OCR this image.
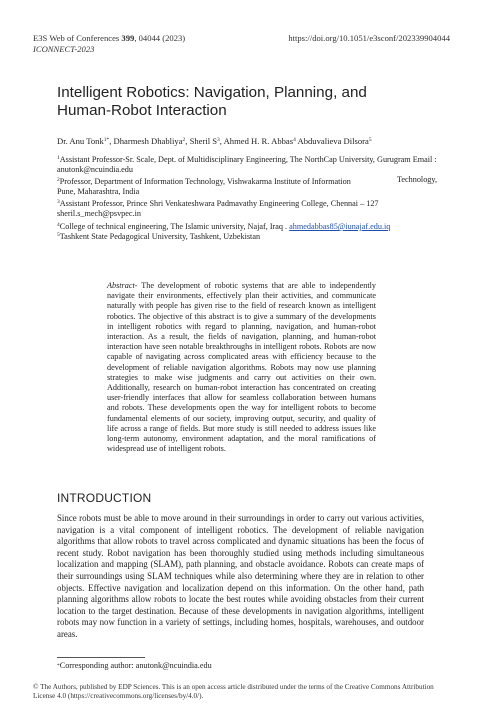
E3S Web of Conferences 399, 04044 (2023)	https://doi.org/10.1051/e3sconf/202339904044
ICONNECT-2023
Intelligent Robotics: Navigation, Planning, and Human-Robot Interaction
Dr. Anu Tonk$^{1*}$, Dharmesh Dhabliya$^2$, Sheril $S^3$, Ahmed H. R. Abbas$^4$ Abduvalieva Dilsora$^5$
$^1$Assistant Professor-Sr. Scale, Dept. of Multidisciplinary Engineering, The NorthCap University, Gurugram Email : anutonk@ncuindia.edu
$^2$Professor, Department of Information Technology, Vishwakarma Institute of Information	Technology,

Pune, Maharashtra, India
$^3$Assistant Professor, Prince Shri Venkateshwara Padmavathy Engineering College, Chennai – 127 sheril.s_mech@psvpec.in
$^4$College of technical engineering, The Islamic university, Najaf, Iraq . ahmedabbas85@iunajaf.edu.iq
$^5$Tashkent State Pedagogical University, Tashkent, Uzbekistan
Abstract- The development of robotic systems that are able to independently navigate their environments, effectively plan their activities, and communicate naturally with people has given rise to the field of research known as intelligent robotics. The objective of this abstract is to give a summary of the developments in intelligent robotics with regard to planning, navigation, and human-robot interaction. As a result, the fields of navigation, planning, and human-robot interaction have seen notable breakthroughs in intelligent robots. Robots are now capable of navigating across complicated areas with efficiency because to the development of reliable navigation algorithms. Robots may now use planning strategies to make wise judgments and carry out activities on their own. Additionally, research on human-robot interaction has concentrated on creating user-friendly interfaces that allow for seamless collaboration between humans and robots. These developments open the way for intelligent robots to become fundamental elements of our society, improving output, security, and quality of life across a range of fields. But more study is still needed to address issues like long-term autonomy, environment adaptation, and the moral ramifications of widespread use of intelligent robots.
INTRODUCTION
Since robots must be able to move around in their surroundings in order to carry out various activities, navigation is a vital component of intelligent robotics. The development of reliable navigation algorithms that allow robots to travel across complicated and dynamic situations has been the focus of recent study. Robot navigation has been thoroughly studied using methods including simultaneous localization and mapping (SLAM), path planning, and obstacle avoidance. Robots can create maps of their surroundings using SLAM techniques while also determining where they are in relation to other objects. Effective navigation and localization depend on this information. On the other hand, path planning algorithms allow robots to locate the best routes while avoiding obstacles from their current location to the target destination. Because of these developments in navigation algorithms, intelligent robots may now function in a variety of settings, including homes, hospitals, warehouses, and outdoor areas.
*Corresponding author: anutonk@ncuindia.edu
© The Authors, published by EDP Sciences. This is an open access article distributed under the terms of the Creative Commons Attribution License 4.0 (https://creativecommons.org/licenses/by/4.0/).
